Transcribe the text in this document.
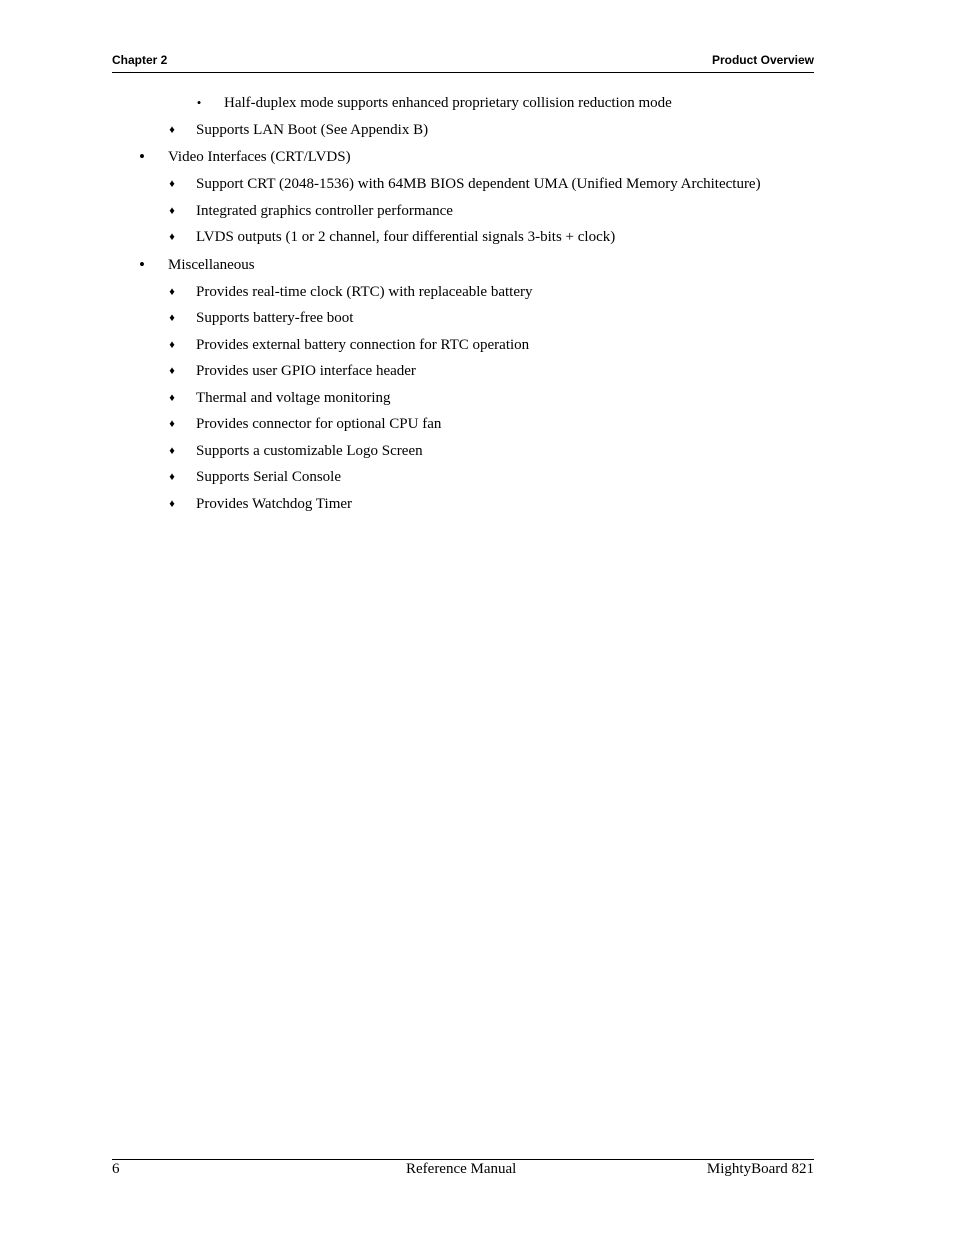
Chapter 2	Product Overview
•	Half-duplex mode supports enhanced proprietary collision reduction mode
♦	Supports LAN Boot (See Appendix B)
•	Video Interfaces (CRT/LVDS)
♦	Support CRT (2048-1536) with 64MB BIOS dependent UMA (Unified Memory Architecture)
♦	Integrated graphics controller performance
♦	LVDS outputs (1 or 2 channel, four differential signals 3-bits + clock)
•	Miscellaneous
♦	Provides real-time clock (RTC) with replaceable battery
♦	Supports battery-free boot
♦	Provides external battery connection for RTC operation
♦	Provides user GPIO interface header
♦	Thermal and voltage monitoring
♦	Provides connector for optional CPU fan
♦	Supports a customizable Logo Screen
♦	Supports Serial Console
♦	Provides Watchdog Timer
6	Reference Manual	MightyBoard 821
